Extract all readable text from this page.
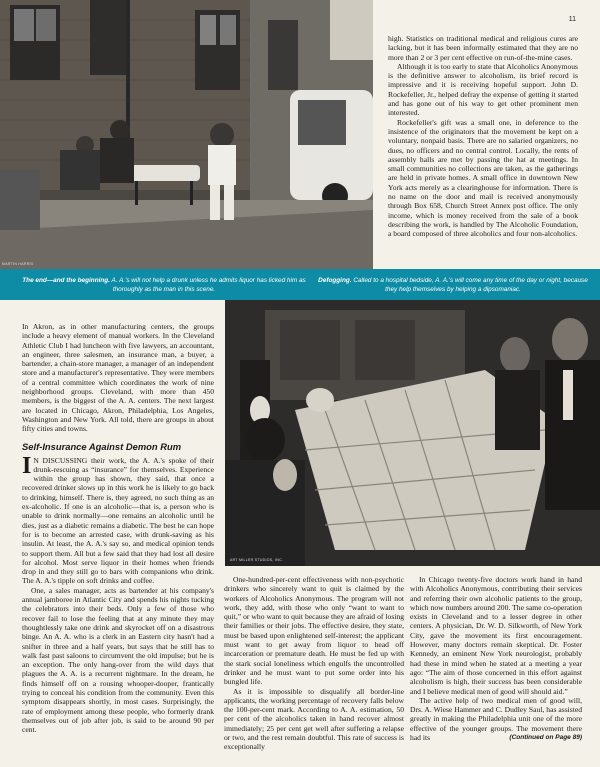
11
MARTIN HARRIS

high. Statistics on traditional medical and religious cures are lacking, but it has been informally estimated that they are no more than 2 or 3 per cent effective on run-of-the-mine cases.

Although it is too early to state that Alcoholics Anonymous is the definitive answer to alcoholism, its brief record is impressive and it is receiving hopeful support. John D. Rockefeller, Jr., helped defray the expense of getting it started and has gone out of his way to get other prominent men interested.

Rockefeller's gift was a small one, in deference to the insistence of the originators that the movement be kept on a voluntary, nonpaid basis. There are no salaried organizers, no dues, no officers and no central control. Locally, the rents of assembly halls are met by passing the hat at meetings. In small communities no collections are taken, as the gatherings are held in private homes. A small office in downtown New York acts merely as a clearinghouse for information. There is no name on the door and mail is received anonymously through Box 658, Church Street Annex post office. The only income, which is money received from the sale of a book describing the work, is handled by The Alcoholic Foundation, a board composed of three alcoholics and four non-alcoholics.

The end—and the beginning. A. A.'s will not help a drunk unless he admits liquor has licked him as thoroughly as the man in this scene.
Defogging. Called to a hospital bedside, A. A.'s will come any time of the day or night, because they help themselves by helping a dipsomaniac.
ART MILLER STUDIOS, INC.

In Akron, as in other manufacturing centers, the groups include a heavy element of manual workers. In the Cleveland Athletic Club I had luncheon with five lawyers, an accountant, an engineer, three salesmen, an insurance man, a buyer, a bartender, a chain-store manager, a manager of an independent store and a manufacturer's representative. They were members of a central committee which coordinates the work of nine neighborhood groups. Cleveland, with more than 450 members, is the biggest of the A. A. centers. The next largest are located in Chicago, Akron, Philadelphia, Los Angeles, Washington and New York. All told, there are groups in about fifty cities and towns.

Self-Insurance Against Demon Rum

I N DISCUSSING their work, the A. A.'s spoke of their drunk-rescuing as “insurance” for themselves. Experience within the group has shown, they said, that once a recovered drinker slows up in this work he is likely to go back to drinking, himself. There is, they agreed, no such thing as an ex-alcoholic. If one is an alcoholic—that is, a person who is unable to drink normally—one remains an alcoholic until he dies, just as a diabetic remains a diabetic. The best he can hope for is to become an arrested case, with drunk-saving as his insulin. At least, the A. A.'s say so, and medical opinion tends to support them. All but a few said that they had lost all desire for alcohol. Most serve liquor in their homes when friends drop in and they still go to bars with companions who drink. The A. A.'s tipple on soft drinks and coffee.

One, a sales manager, acts as bartender at his company's annual jamboree in Atlantic City and spends his nights tucking the celebrators into their beds. Only a few of those who recover fail to lose the feeling that at any minute they may thoughtlessly take one drink and skyrocket off on a disastrous binge. An A. A. who is a clerk in an Eastern city hasn't had a snifter in three and a half years, but says that he still has to walk fast past saloons to circumvent the old impulse; but he is an exception. The only hang-over from the wild days that plagues the A. A. is a recurrent nightmare. In the dream, he finds himself off on a rousing whooper-dooper, frantically trying to conceal his condition from the community. Even this symptom disappears shortly, in most cases. Surprisingly, the rate of employment among these people, who formerly drank themselves out of job after job, is said to be around 90 per cent.

One-hundred-per-cent effectiveness with non-psychotic drinkers who sincerely want to quit is claimed by the workers of Alcoholics Anonymous. The program will not work, they add, with those who only “want to want to quit,” or who want to quit because they are afraid of losing their families or their jobs. The effective desire, they state, must be based upon enlightened self-interest; the applicant must want to get away from liquor to head off incarceration or premature death. He must be fed up with the stark social loneliness which engulfs the uncontrolled drinker and he must want to put some order into his bungled life.

As it is impossible to disqualify all border-line applicants, the working percentage of recovery falls below the 100-per-cent mark. According to A. A. estimation, 50 per cent of the alcoholics taken in hand recover almost immediately; 25 per cent get well after suffering a relapse or two, and the rest remain doubtful. This rate of success is exceptionally

In Chicago twenty-five doctors work hand in hand with Alcoholics Anonymous, contributing their services and referring their own alcoholic patients to the group, which now numbers around 200. The same co-operation exists in Cleveland and to a lesser degree in other centers. A physician, Dr. W. D. Silkworth, of New York City, gave the movement its first encouragement. However, many doctors remain skeptical. Dr. Foster Kennedy, an eminent New York neurologist, probably had these in mind when he stated at a meeting a year ago: “The aim of those concerned in this effort against alcoholism is high, their success has been considerable and I believe medical men of good will should aid.”

The active help of two medical men of good will, Drs. A. Wiese Hammer and C. Dudley Saul, has assisted greatly in making the Philadelphia unit one of the more effective of the younger groups. The movement there had its	(Continued on Page 89)
